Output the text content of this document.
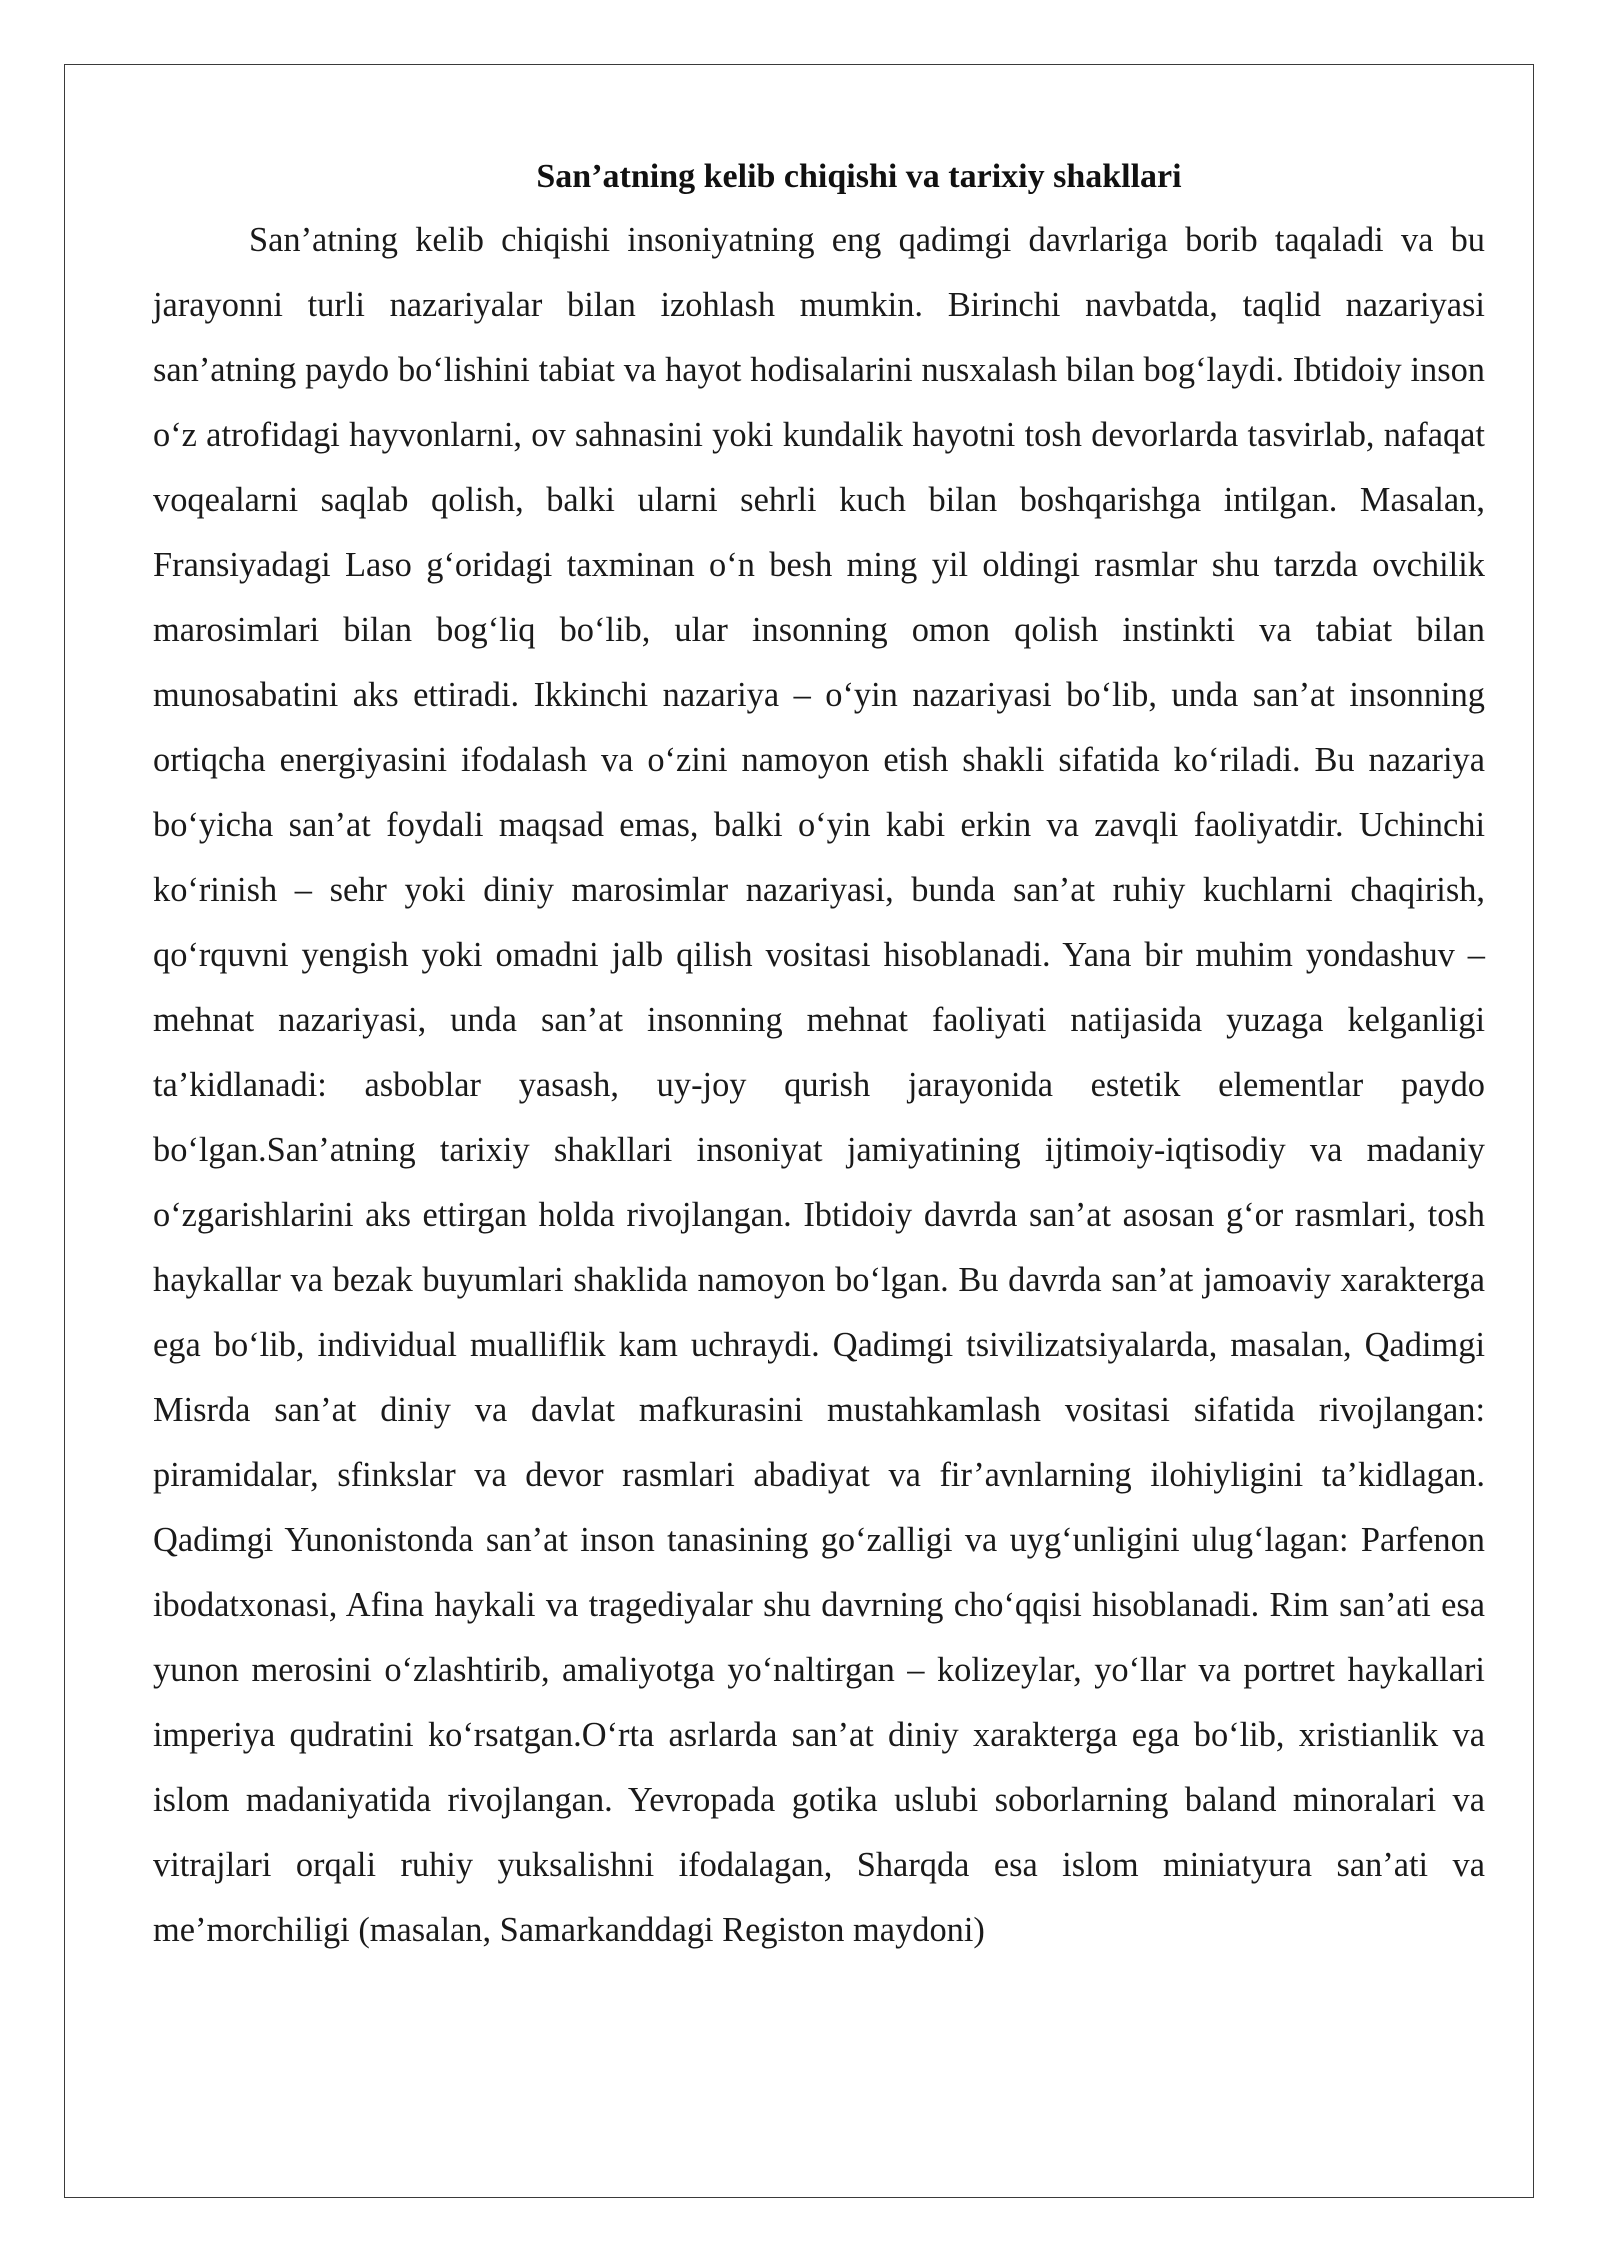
San’atning kelib chiqishi va tarixiy shakllari

San’atning kelib chiqishi insoniyatning eng qadimgi davrlariga borib taqaladi va bu jarayonni turli nazariyalar bilan izohlash mumkin. Birinchi navbatda, taqlid nazariyasi san’atning paydo bo‘lishini tabiat va hayot hodisalarini nusxalash bilan bog‘laydi. Ibtidoiy inson o‘z atrofidagi hayvonlarni, ov sahnasini yoki kundalik hayotni tosh devorlarda tasvirlab, nafaqat voqealarni saqlab qolish, balki ularni sehrli kuch bilan boshqarishga intilgan. Masalan, Fransiyadagi Laso g‘oridagi taxminan o‘n besh ming yil oldingi rasmlar shu tarzda ovchilik marosimlari bilan bog‘liq bo‘lib, ular insonning omon qolish instinkti va tabiat bilan munosabatini aks ettiradi. Ikkinchi nazariya – o‘yin nazariyasi bo‘lib, unda san’at insonning ortiqcha energiyasini ifodalash va o‘zini namoyon etish shakli sifatida ko‘riladi. Bu nazariya bo‘yicha san’at foydali maqsad emas, balki o‘yin kabi erkin va zavqli faoliyatdir. Uchinchi ko‘rinish – sehr yoki diniy marosimlar nazariyasi, bunda san’at ruhiy kuchlarni chaqirish, qo‘rquvni yengish yoki omadni jalb qilish vositasi hisoblanadi. Yana bir muhim yondashuv – mehnat nazariyasi, unda san’at insonning mehnat faoliyati natijasida yuzaga kelganligi ta’kidlanadi: asboblar yasash, uy-joy qurish jarayonida estetik elementlar paydo bo‘lgan.San’atning tarixiy shakllari insoniyat jamiyatining ijtimoiy-iqtisodiy va madaniy o‘zgarishlarini aks ettirgan holda rivojlangan. Ibtidoiy davrda san’at asosan g‘or rasmlari, tosh haykallar va bezak buyumlari shaklida namoyon bo‘lgan. Bu davrda san’at jamoaviy xarakterga ega bo‘lib, individual mualliflik kam uchraydi. Qadimgi tsivilizatsiyalarda, masalan, Qadimgi Misrda san’at diniy va davlat mafkurasini mustahkamlash vositasi sifatida rivojlangan: piramidalar, sfinkslar va devor rasmlari abadiyat va fir’avnlarning ilohiyligini ta’kidlagan. Qadimgi Yunonistonda san’at inson tanasining go‘zalligi va uyg‘unligini ulug‘lagan: Parfenon ibodatxonasi, Afina haykali va tragediyalar shu davrning cho‘qqisi hisoblanadi. Rim san’ati esa yunon merosini o‘zlashtirib, amaliyotga yo‘naltirgan – kolizeylar, yo‘llar va portret haykallari imperiya qudratini ko‘rsatgan.O‘rta asrlarda san’at diniy xarakterga ega bo‘lib, xristianlik va islom madaniyatida rivojlangan. Yevropada gotika uslubi soborlarning baland minoralari va vitrajlari orqali ruhiy yuksalishni ifodalagan, Sharqda esa islom miniatyura san’ati va me’morchiligi (masalan, Samarkanddagi Registon maydoni)
